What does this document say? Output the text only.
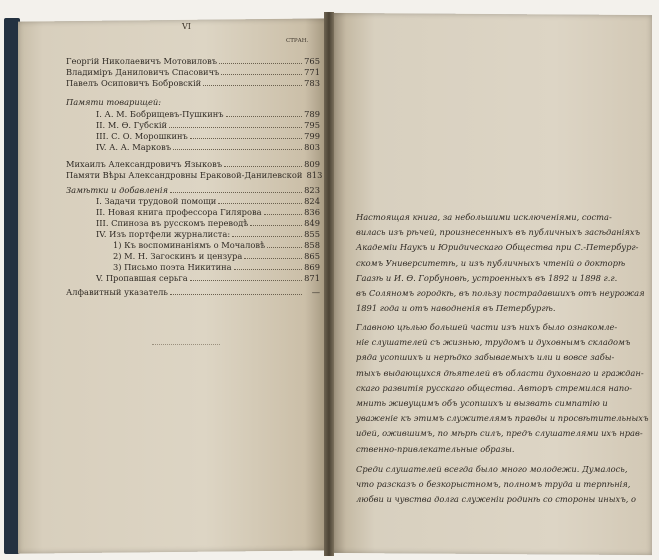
VI
СТРАН.
Георгій Николаевичъ Мотовиловъ	765
Владиміръ Даниловичъ Спасовичъ	771
Павелъ Осиповичъ Бобровскій	783
Памяти товарищей:
I. А. М. Бобрищевъ-Пушкинъ	789
II. М. Ө. Губскій	795
III. С. О. Морошкинъ	799
IV. А. А. Марковъ	803
Михаилъ Александровичъ Языковъ	809
Памяти Вѣры Александровны Ераковой-Данилевской 813
Замѣтки и добавленія	823
I. Задачи трудовой помощи	824
II. Новая книга профессора Гилярова	836
III. Спиноза въ русскомъ переводѣ	849
IV. Изъ портфели журналиста:	855
1) Къ воспоминаніямъ о Мочаловѣ	858
2) М. Н. Загоскинъ и цензура	865
3) Письмо поэта Никитина	869
V. Пропавшая серьга	871
Алфавитный указатель	—
Настоящая книга, за небольшими исключеніями, соста-
вилась изъ рѣчей, произнесенныхъ въ публичныхъ засѣданіяхъ
Академіи Наукъ и Юридическаго Общества при С.-Петербург-
скомъ Университетѣ, и изъ публичныхъ чтеній о докторѣ
Гаазѣ и И. Ө. Горбуновѣ, устроенныхъ въ 1892 и 1898 г.г.
въ Соляномъ городкѣ, въ пользу пострадавшихъ отъ неурожая
1891 года и отъ наводненія въ Петербургѣ.
Главною цѣлью большей части изъ нихъ было ознакомле-
ніе слушателей съ жизнью, трудомъ и духовнымъ складомъ
ряда усопшихъ и нерѣдко забываемыхъ или и вовсе забы-
тыхъ выдающихся дѣятелей въ области духовнаго и граждан-
скаго развитія русскаго общества. Авторъ стремился напо-
мнить живущимъ объ усопшихъ и вызвать симпатію и
уваженіе къ этимъ служителямъ правды и просвѣтительныхъ
идей, ожившимъ, по мѣрѣ силъ, предъ слушателями ихъ нрав-
ственно-привлекательные образы.
Среди слушателей всегда было много молодежи. Думалось,
что разсказъ о безкорыстномъ, полномъ труда и терпѣнія,
любви и чувства долга служеніи родинѣ со стороны иныхъ, о
